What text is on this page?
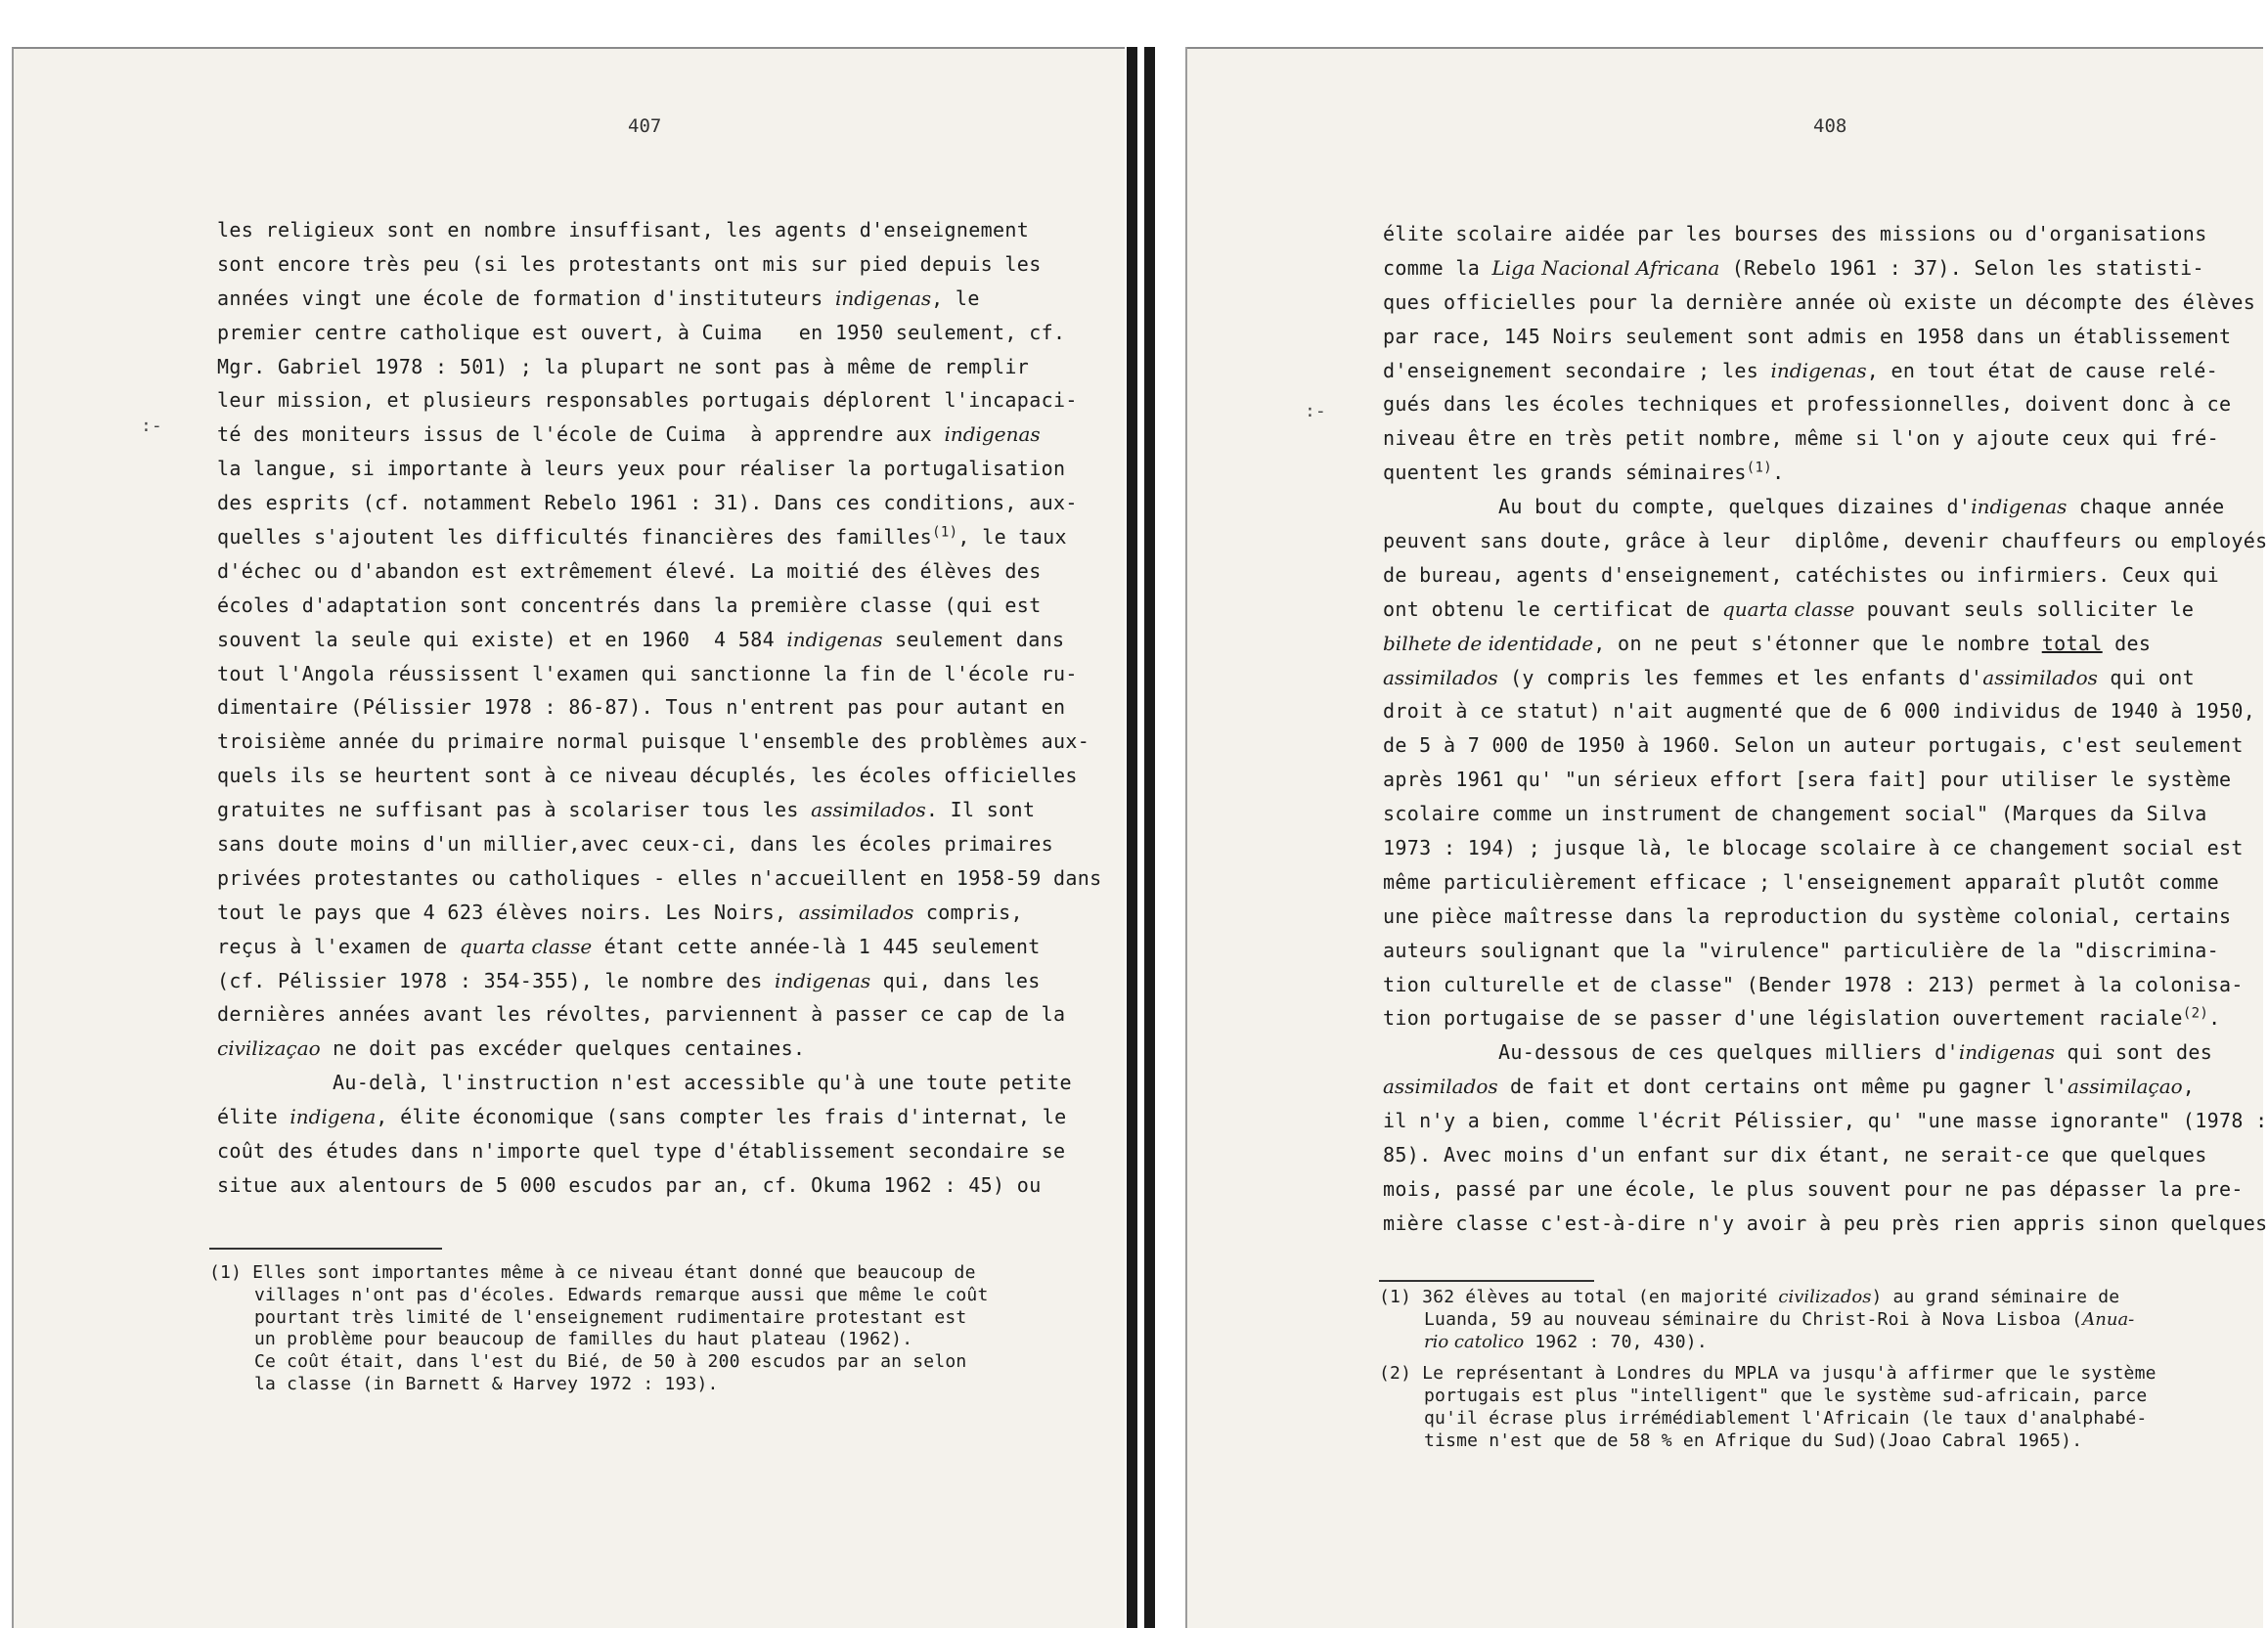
407
:-
les religieux sont en nombre insuffisant, les agents d'enseignement
sont encore très peu (si les protestants ont mis sur pied depuis les
années vingt une école de formation d'instituteurs indigenas, le
premier centre catholique est ouvert, à Cuima   en 1950 seulement, cf.
Mgr. Gabriel 1978 : 501) ; la plupart ne sont pas à même de remplir
leur mission, et plusieurs responsables portugais déplorent l'incapaci-
té des moniteurs issus de l'école de Cuima  à apprendre aux indigenas
la langue, si importante à leurs yeux pour réaliser la portugalisation
des esprits (cf. notamment Rebelo 1961 : 31). Dans ces conditions, aux-
quelles s'ajoutent les difficultés financières des familles$^{(1)}$, le taux
d'échec ou d'abandon est extrêmement élevé. La moitié des élèves des
écoles d'adaptation sont concentrés dans la première classe (qui est
souvent la seule qui existe) et en 1960  4 584 indigenas seulement dans
tout l'Angola réussissent l'examen qui sanctionne la fin de l'école ru-
dimentaire (Pélissier 1978 : 86-87). Tous n'entrent pas pour autant en
troisième année du primaire normal puisque l'ensemble des problèmes aux-
quels ils se heurtent sont à ce niveau décuplés, les écoles officielles
gratuites ne suffisant pas à scolariser tous les assimilados. Il sont
sans doute moins d'un millier,avec ceux-ci, dans les écoles primaires
privées protestantes ou catholiques - elles n'accueillent en 1958-59 dans
tout le pays que 4 623 élèves noirs. Les Noirs, assimilados compris,
reçus à l'examen de quarta classe étant cette année-là 1 445 seulement
(cf. Pélissier 1978 : 354-355), le nombre des indigenas qui, dans les
dernières années avant les révoltes, parviennent à passer ce cap de la
civilizaçao ne doit pas excéder quelques centaines.
Au-delà, l'instruction n'est accessible qu'à une toute petite
élite indigena, élite économique (sans compter les frais d'internat, le
coût des études dans n'importe quel type d'établissement secondaire se
situe aux alentours de 5 000 escudos par an, cf. Okuma 1962 : 45) ou
(1) Elles sont importantes même à ce niveau étant donné que beaucoup de
villages n'ont pas d'écoles. Edwards remarque aussi que même le coût
pourtant très limité de l'enseignement rudimentaire protestant est
un problème pour beaucoup de familles du haut plateau (1962).
Ce coût était, dans l'est du Bié, de 50 à 200 escudos par an selon
la classe (in Barnett & Harvey 1972 : 193).
408
:-
élite scolaire aidée par les bourses des missions ou d'organisations
comme la Liga Nacional Africana (Rebelo 1961 : 37). Selon les statisti-
ques officielles pour la dernière année où existe un décompte des élèves
par race, 145 Noirs seulement sont admis en 1958 dans un établissement
d'enseignement secondaire ; les indigenas, en tout état de cause relé-
gués dans les écoles techniques et professionnelles, doivent donc à ce
niveau être en très petit nombre, même si l'on y ajoute ceux qui fré-
quentent les grands séminaires$^{(1)}$.
Au bout du compte, quelques dizaines d'indigenas chaque année
peuvent sans doute, grâce à leur  diplôme, devenir chauffeurs ou employés
de bureau, agents d'enseignement, catéchistes ou infirmiers. Ceux qui
ont obtenu le certificat de quarta classe pouvant seuls solliciter le
bilhete de identidade, on ne peut s'étonner que le nombre total des
assimilados (y compris les femmes et les enfants d'assimilados qui ont
droit à ce statut) n'ait augmenté que de 6 000 individus de 1940 à 1950,
de 5 à 7 000 de 1950 à 1960. Selon un auteur portugais, c'est seulement
après 1961 qu' "un sérieux effort [sera fait] pour utiliser le système
scolaire comme un instrument de changement social" (Marques da Silva
1973 : 194) ; jusque là, le blocage scolaire à ce changement social est
même particulièrement efficace ; l'enseignement apparaît plutôt comme
une pièce maîtresse dans la reproduction du système colonial, certains
auteurs soulignant que la "virulence" particulière de la "discrimina-
tion culturelle et de classe" (Bender 1978 : 213) permet à la colonisa-
tion portugaise de se passer d'une législation ouvertement raciale$^{(2)}$.
Au-dessous de ces quelques milliers d'indigenas qui sont des
assimilados de fait et dont certains ont même pu gagner l'assimilaçao,
il n'y a bien, comme l'écrit Pélissier, qu' "une masse ignorante" (1978 :
85). Avec moins d'un enfant sur dix étant, ne serait-ce que quelques
mois, passé par une école, le plus souvent pour ne pas dépasser la pre-
mière classe c'est-à-dire n'y avoir à peu près rien appris sinon quelques
(1) 362 élèves au total (en majorité civilizados) au grand séminaire de
Luanda, 59 au nouveau séminaire du Christ-Roi à Nova Lisboa (Anua-
rio catolico 1962 : 70, 430).
(2) Le représentant à Londres du MPLA va jusqu'à affirmer que le système
portugais est plus "intelligent" que le système sud-africain, parce
qu'il écrase plus irrémédiablement l'Africain (le taux d'analphabé-
tisme n'est que de 58 % en Afrique du Sud)(Joao Cabral 1965).
